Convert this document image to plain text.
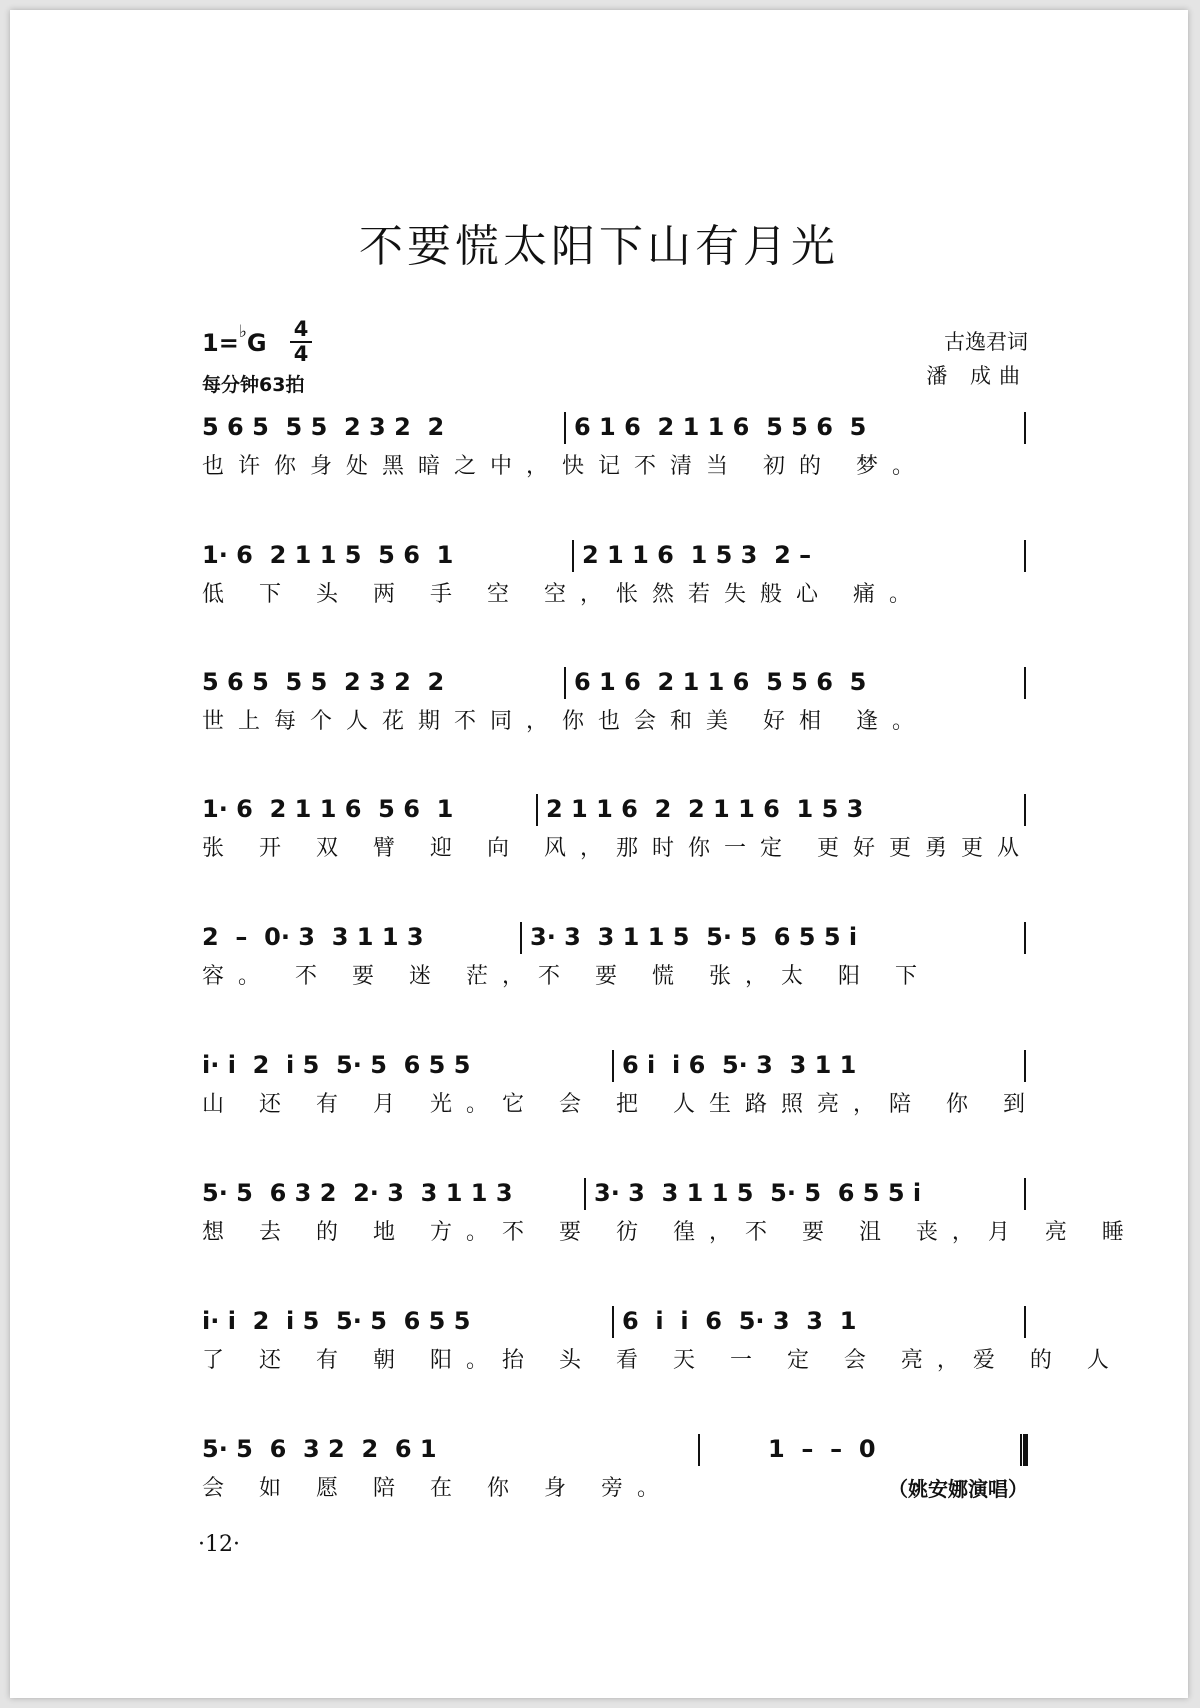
不要慌太阳下山有月光
1=♭G 4
4
每分钟63拍
古逸君词
潘 成曲
5 6 5  5 5  2 3 2  2	6 1 6  2 1 1 6  5 5 6  5
也许你身处黑暗之中，快记不清当 初的 梦。
1· 6  2 1 1 5  5 6  1	2 1 1 6  1 5 3  2 –
低 下 头 两 手 空 空，怅然若失般心 痛。
5 6 5  5 5  2 3 2  2	6 1 6  2 1 1 6  5 5 6  5
世上每个人花期不同，你也会和美 好相 逢。
1· 6  2 1 1 6  5 6  1	2 1 1 6  2  2 1 1 6  1 5 3
张 开 双 臂 迎 向 风，那时你一定 更好更勇更从
2  –  0· 3  3 1 1 3	3· 3  3 1 1 5  5· 5  6 5 5 i
容。 不 要 迷 茫，不 要 慌 张，太 阳 下
i· i  2  i 5  5· 5  6 5 5	6 i  i 6  5· 3  3 1 1
山 还 有 月 光。它 会 把 人生路照亮，陪 你 到
5· 5  6 3 2  2· 3  3 1 1 3	3· 3  3 1 1 5  5· 5  6 5 5 i
想 去 的 地 方。不 要 彷 徨，不 要 沮 丧，月 亮 睡
i· i  2  i 5  5· 5  6 5 5	6  i  i  6  5· 3  3  1
了 还 有 朝 阳。抬 头 看 天 一 定 会 亮，爱 的 人
5· 5  6  3 2  2  6 1	1  –  –  0
会 如 愿 陪 在 你 身 旁。	（姚安娜演唱）
·12·
